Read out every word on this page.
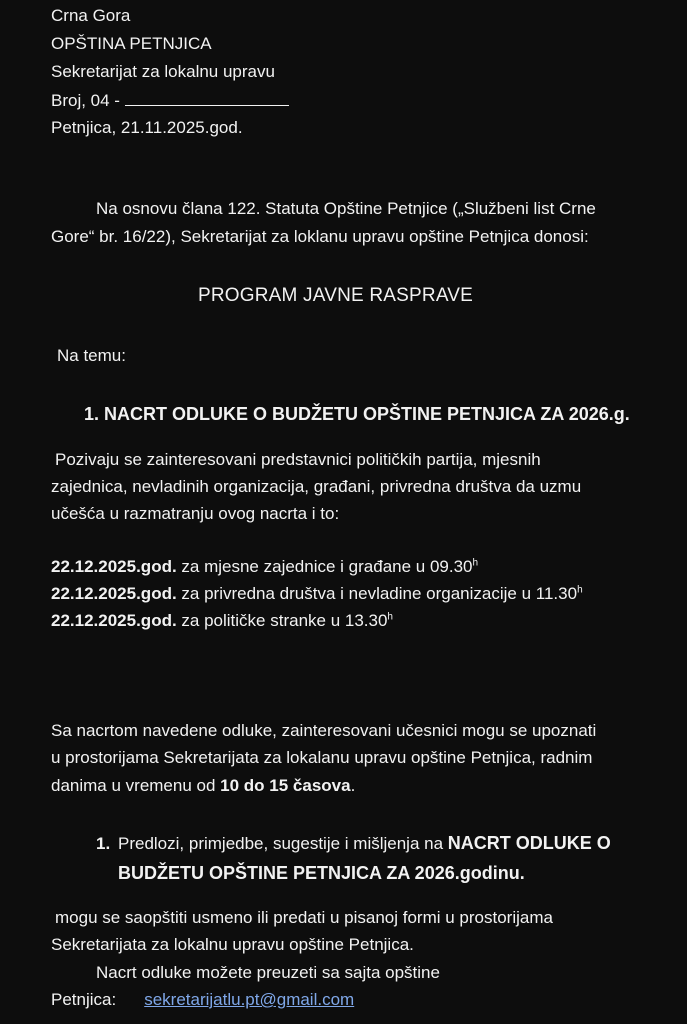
Crna Gora
OPŠTINA PETNJICA
Sekretarijat za lokalnu upravu
Broj, 04 -
Petnjica, 21.11.2025.god.
Na osnovu člana 122. Statuta Opštine Petnjice („Službeni list Crne
Gore“ br. 16/22), Sekretarijat za loklanu upravu opštine Petnjica donosi:
PROGRAM JAVNE RASPRAVE
Na temu:
1. NACRT ODLUKE O BUDŽETU OPŠTINE PETNJICA ZA 2026.g.
Pozivaju se zainteresovani predstavnici političkih partija, mjesnih
zajednica, nevladinih organizacija, građani, privredna društva da uzmu
učešća u razmatranju ovog nacrta i to:
22.12.2025.god. za mjesne zajednice i građane u 09.30$^h$
22.12.2025.god. za privredna društva i nevladine organizacije u 11.30$^h$
22.12.2025.god. za političke stranke u 13.30$^h$
Sa nacrtom navedene odluke, zainteresovani učesnici mogu se upoznati
u prostorijama Sekretarijata za lokalanu upravu opštine Petnjica, radnim
danima u vremenu od 10 do 15 časova.
1. Predlozi, primjedbe, sugestije i mišljenja na NACRT ODLUKE O
BUDŽETU OPŠTINE PETNJICA ZA 2026.godinu.
mogu se saopštiti usmeno ili predati u pisanoj formi u prostorijama
Sekretarijata za lokalnu upravu opštine Petnjica.
Nacrt odluke možete preuzeti sa sajta opštine
Petnjica: sekretarijatlu.pt@gmail.com
